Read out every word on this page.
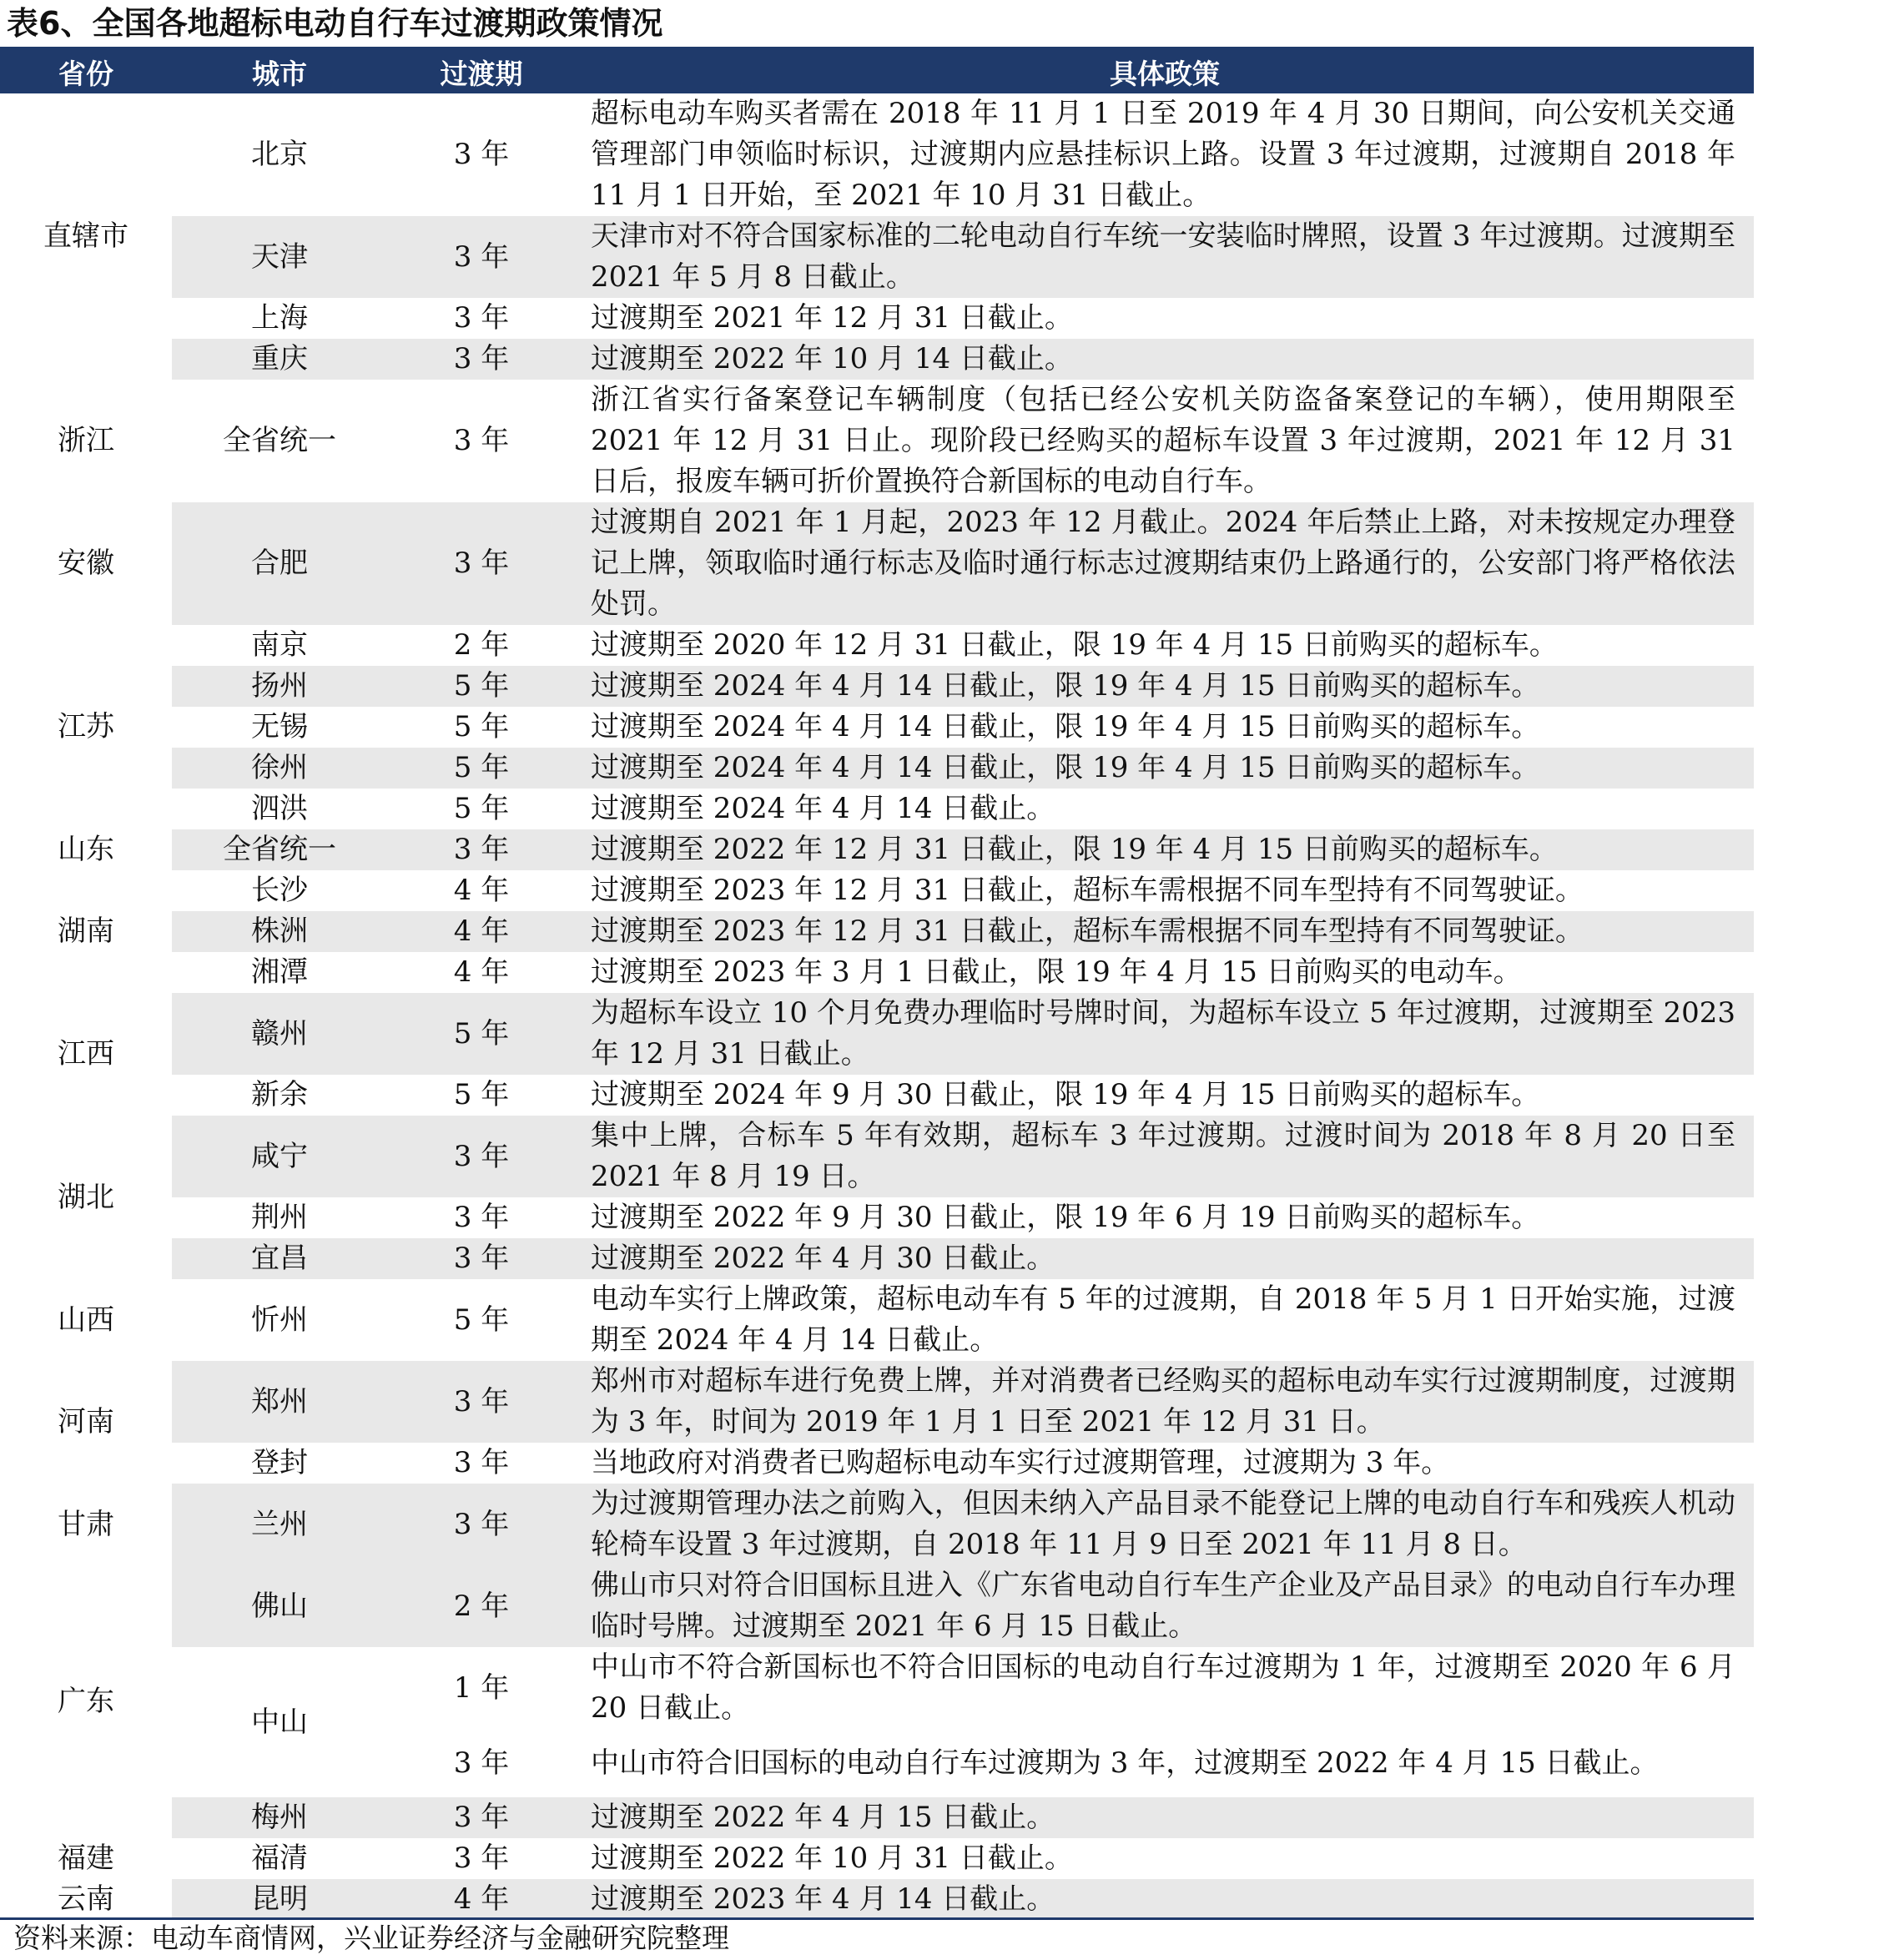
表6、全国各地超标电动自行车过渡期政策情况
省份	城市	过渡期	具体政策
直辖市	北京	3 年	超标电动车购买者需在 2018 年 11 月 1 日至 2019 年 4 月 30 日期间，向公安机关交通管理部门申领临时标识，过渡期内应悬挂标识上路。设置 3 年过渡期，过渡期自 2018 年 11 月 1 日开始，至 2021 年 10 月 31 日截止。
	天津	3 年	天津市对不符合国家标准的二轮电动自行车统一安装临时牌照，设置 3 年过渡期。过渡期至 2021 年 5 月 8 日截止。
	上海	3 年	过渡期至 2021 年 12 月 31 日截止。
	重庆	3 年	过渡期至 2022 年 10 月 14 日截止。
浙江	全省统一	3 年	浙江省实行备案登记车辆制度（包括已经公安机关防盗备案登记的车辆），使用期限至 2021 年 12 月 31 日止。现阶段已经购买的超标车设置 3 年过渡期，2021 年 12 月 31 日后，报废车辆可折价置换符合新国标的电动自行车。
安徽	合肥	3 年	过渡期自 2021 年 1 月起，2023 年 12 月截止。2024 年后禁止上路，对未按规定办理登记上牌，领取临时通行标志及临时通行标志过渡期结束仍上路通行的，公安部门将严格依法处罚。
江苏	南京	2 年	过渡期至 2020 年 12 月 31 日截止，限 19 年 4 月 15 日前购买的超标车。
	扬州	5 年	过渡期至 2024 年 4 月 14 日截止，限 19 年 4 月 15 日前购买的超标车。
	无锡	5 年	过渡期至 2024 年 4 月 14 日截止，限 19 年 4 月 15 日前购买的超标车。
	徐州	5 年	过渡期至 2024 年 4 月 14 日截止，限 19 年 4 月 15 日前购买的超标车。
	泗洪	5 年	过渡期至 2024 年 4 月 14 日截止。
山东	全省统一	3 年	过渡期至 2022 年 12 月 31 日截止，限 19 年 4 月 15 日前购买的超标车。
湖南	长沙	4 年	过渡期至 2023 年 12 月 31 日截止，超标车需根据不同车型持有不同驾驶证。
	株洲	4 年	过渡期至 2023 年 12 月 31 日截止，超标车需根据不同车型持有不同驾驶证。
	湘潭	4 年	过渡期至 2023 年 3 月 1 日截止，限 19 年 4 月 15 日前购买的电动车。
江西	赣州	5 年	为超标车设立 10 个月免费办理临时号牌时间，为超标车设立 5 年过渡期，过渡期至 2023 年 12 月 31 日截止。
	新余	5 年	过渡期至 2024 年 9 月 30 日截止，限 19 年 4 月 15 日前购买的超标车。
湖北	咸宁	3 年	集中上牌，合标车 5 年有效期，超标车 3 年过渡期。过渡时间为 2018 年 8 月 20 日至 2021 年 8 月 19 日。
	荆州	3 年	过渡期至 2022 年 9 月 30 日截止，限 19 年 6 月 19 日前购买的超标车。
	宜昌	3 年	过渡期至 2022 年 4 月 30 日截止。
山西	忻州	5 年	电动车实行上牌政策，超标电动车有 5 年的过渡期，自 2018 年 5 月 1 日开始实施，过渡期至 2024 年 4 月 14 日截止。
河南	郑州	3 年	郑州市对超标车进行免费上牌，并对消费者已经购买的超标电动车实行过渡期制度，过渡期为 3 年，时间为 2019 年 1 月 1 日至 2021 年 12 月 31 日。
	登封	3 年	当地政府对消费者已购超标电动车实行过渡期管理，过渡期为 3 年。
甘肃	兰州	3 年	为过渡期管理办法之前购入，但因未纳入产品目录不能登记上牌的电动自行车和残疾人机动轮椅车设置 3 年过渡期，自 2018 年 11 月 9 日至 2021 年 11 月 8 日。
广东	佛山	2 年	佛山市只对符合旧国标且进入《广东省电动自行车生产企业及产品目录》的电动自行车办理临时号牌。过渡期至 2021 年 6 月 15 日截止。
	中山	1 年	中山市不符合新国标也不符合旧国标的电动自行车过渡期为 1 年，过渡期至 2020 年 6 月 20 日截止。
		3 年	中山市符合旧国标的电动自行车过渡期为 3 年，过渡期至 2022 年 4 月 15 日截止。
	梅州	3 年	过渡期至 2022 年 4 月 15 日截止。
福建	福清	3 年	过渡期至 2022 年 10 月 31 日截止。
云南	昆明	4 年	过渡期至 2023 年 4 月 14 日截止。
资料来源：电动车商情网，兴业证券经济与金融研究院整理
